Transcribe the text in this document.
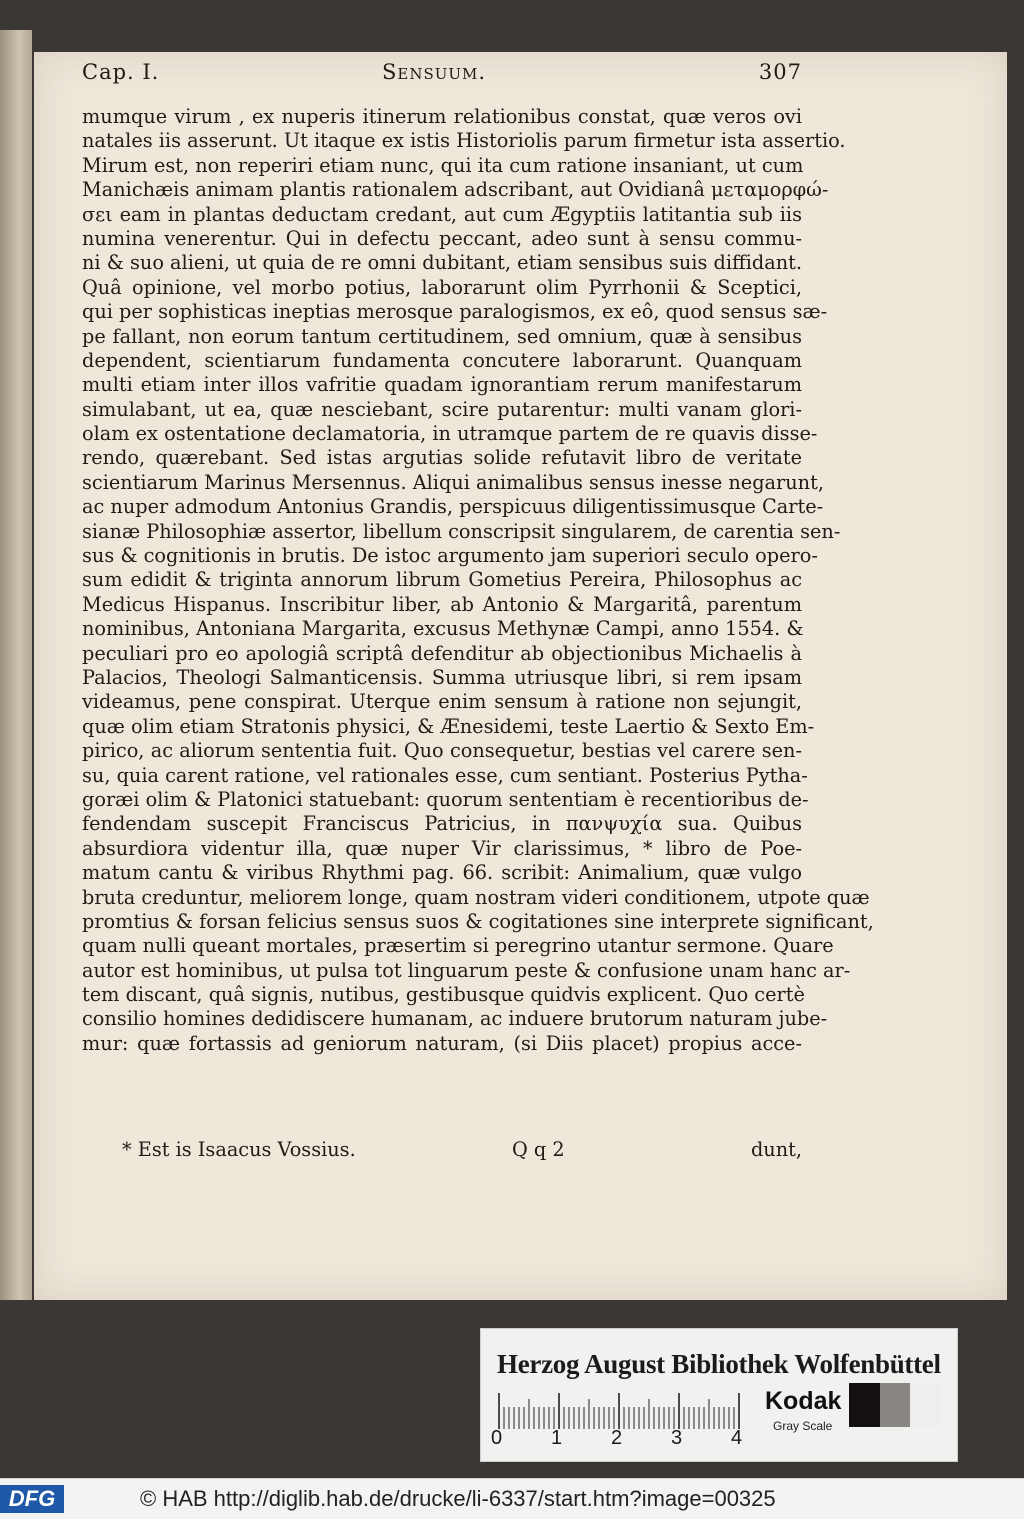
Cap. I.	Sensuum.	307
mumque virum , ex nuperis itinerum relationibus constat, quæ veros ovi
natales iis asserunt. Ut itaque ex istis Historiolis parum firmetur ista assertio.
Mirum est, non reperiri etiam nunc, qui ita cum ratione insaniant, ut cum
Manichæis animam plantis rationalem adscribant, aut Ovidianâ μεταμορφώ-
σει eam in plantas deductam credant, aut cum Ægyptiis latitantia sub iis
numina venerentur. Qui in defectu peccant, adeo sunt à sensu commu-
ni & suo alieni, ut quia de re omni dubitant, etiam sensibus suis diffidant.
Quâ opinione, vel morbo potius, laborarunt olim Pyrrhonii & Sceptici,
qui per sophisticas ineptias merosque paralogismos, ex eô, quod sensus sæ-
pe fallant, non eorum tantum certitudinem, sed omnium, quæ à sensibus
dependent, scientiarum fundamenta concutere laborarunt. Quanquam
multi etiam inter illos vafritie quadam ignorantiam rerum manifestarum
simulabant, ut ea, quæ nesciebant, scire putarentur: multi vanam glori-
olam ex ostentatione declamatoria, in utramque partem de re quavis disse-
rendo, quærebant. Sed istas argutias solide refutavit libro de veritate
scientiarum Marinus Mersennus. Aliqui animalibus sensus inesse negarunt,
ac nuper admodum Antonius Grandis, perspicuus diligentissimusque Carte-
sianæ Philosophiæ assertor, libellum conscripsit singularem, de carentia sen-
sus & cognitionis in brutis. De istoc argumento jam superiori seculo opero-
sum edidit & triginta annorum librum Gometius Pereira, Philosophus ac
Medicus Hispanus. Inscribitur liber, ab Antonio & Margaritâ, parentum
nominibus, Antoniana Margarita, excusus Methynæ Campi, anno 1554. &
peculiari pro eo apologiâ scriptâ defenditur ab objectionibus Michaelis à
Palacios, Theologi Salmanticensis. Summa utriusque libri, si rem ipsam
videamus, pene conspirat. Uterque enim sensum à ratione non sejungit,
quæ olim etiam Stratonis physici, & Ænesidemi, teste Laertio & Sexto Em-
pirico, ac aliorum sententia fuit. Quo consequetur, bestias vel carere sen-
su, quia carent ratione, vel rationales esse, cum sentiant. Posterius Pytha-
goræi olim & Platonici statuebant: quorum sententiam è recentioribus de-
fendendam suscepit Franciscus Patricius, in πανψυχία sua. Quibus
absurdiora videntur illa, quæ nuper Vir clarissimus, * libro de Poe-
matum cantu & viribus Rhythmi pag. 66. scribit: Animalium, quæ vulgo
bruta creduntur, meliorem longe, quam nostram videri conditionem, utpote quæ
promtius & forsan felicius sensus suos & cogitationes sine interprete significant,
quam nulli queant mortales, præsertim si peregrino utantur sermone. Quare
autor est hominibus, ut pulsa tot linguarum peste & confusione unam hanc ar-
tem discant, quâ signis, nutibus, gestibusque quidvis explicent. Quo certè
consilio homines dedidiscere humanam, ac induere brutorum naturam jube-
mur: quæ fortassis ad geniorum naturam, (si Diis placet) propius acce-
* Est is Isaacus Vossius.	Q q 2	dunt,
Herzog August Bibliothek Wolfenbüttel
0 1 2 3 4
Kodak
Gray Scale
DFG	© HAB http://diglib.hab.de/drucke/li-6337/start.htm?image=00325
